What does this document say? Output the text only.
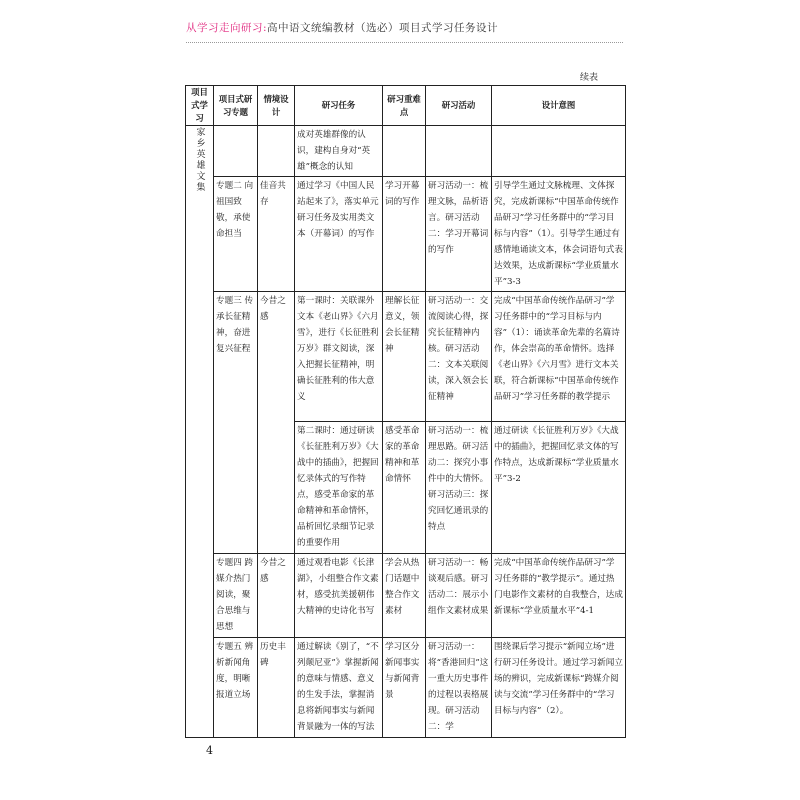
从学习走向研习:高中语文统编教材（选必）项目式学习任务设计
续表
项目式学习	项目式研习专题	情境设计	研习任务	研习重难点	研习活动	设计意图
家乡英雄文集			成对英雄群像的认识，建构自身对“英雄”概念的认知			
	专题二 向祖国致敬，承使命担当	佳音共存	通过学习《中国人民站起来了》，落实单元研习任务及实用类文本（开幕词）的写作	学习开幕词的写作	研习活动一：梳理文脉，品析语言。研习活动二：学习开幕词的写作	引导学生通过文脉梳理、文体探究，完成新课标“中国革命传统作品研习”学习任务群中的“学习目标与内容”（1）。引导学生通过有感情地诵读文本，体会词语句式表达效果，达成新课标“学业质量水平”3-3
	专题三 传承长征精神，奋进复兴征程	今昔之感	第一课时：关联课外文本《老山界》《六月雪》，进行《长征胜利万岁》群文阅读，深入把握长征精神，明确长征胜利的伟大意义	理解长征意义，领会长征精神	研习活动一：交流阅读心得，探究长征精神内核。研习活动二：文本关联阅读，深入领会长征精神	完成“中国革命传统作品研习”学习任务群中的“学习目标与内容”（1）：诵读革命先辈的名篇诗作，体会崇高的革命情怀。选择《老山界》《六月雪》进行文本关联，符合新课标“中国革命传统作品研习”学习任务群的教学提示
			第二课时：通过研读《长征胜利万岁》《大战中的插曲》，把握回忆录体式的写作特点，感受革命家的革命精神和革命情怀，品析回忆录细节记录的重要作用	感受革命家的革命精神和革命情怀	研习活动一：梳理思路。研习活动二：探究小事件中的大情怀。研习活动三：探究回忆通讯录的特点	通过研读《长征胜利万岁》《大战中的插曲》，把握回忆录文体的写作特点，达成新课标“学业质量水平”3-2
	专题四 跨媒介热门阅读，聚合思维与思想	今昔之感	通过观看电影《长津湖》，小组整合作文素材，感受抗美援朝伟大精神的史诗化书写	学会从热门话题中整合作文素材	研习活动一：畅谈观后感。研习活动二：展示小组作文素材成果	完成“中国革命传统作品研习”学习任务群的“教学提示”。通过热门电影作文素材的自我整合，达成新课标“学业质量水平”4-1
	专题五 辨析新闻角度，明晰报道立场	历史丰碑	通过解读《别了，“不列颠尼亚”》掌握新闻的意味与情感、意义的生发手法，掌握消息将新闻事实与新闻背景融为一体的写法	学习区分新闻事实与新闻背景	研习活动一：将“香港回归”这一重大历史事件的过程以表格展现。研习活动二：学	围绕课后学习提示“新闻立场”进行研习任务设计。通过学习新闻立场的辨识，完成新课标“跨媒介阅读与交流”学习任务群中的“学习目标与内容”（2）。
4
